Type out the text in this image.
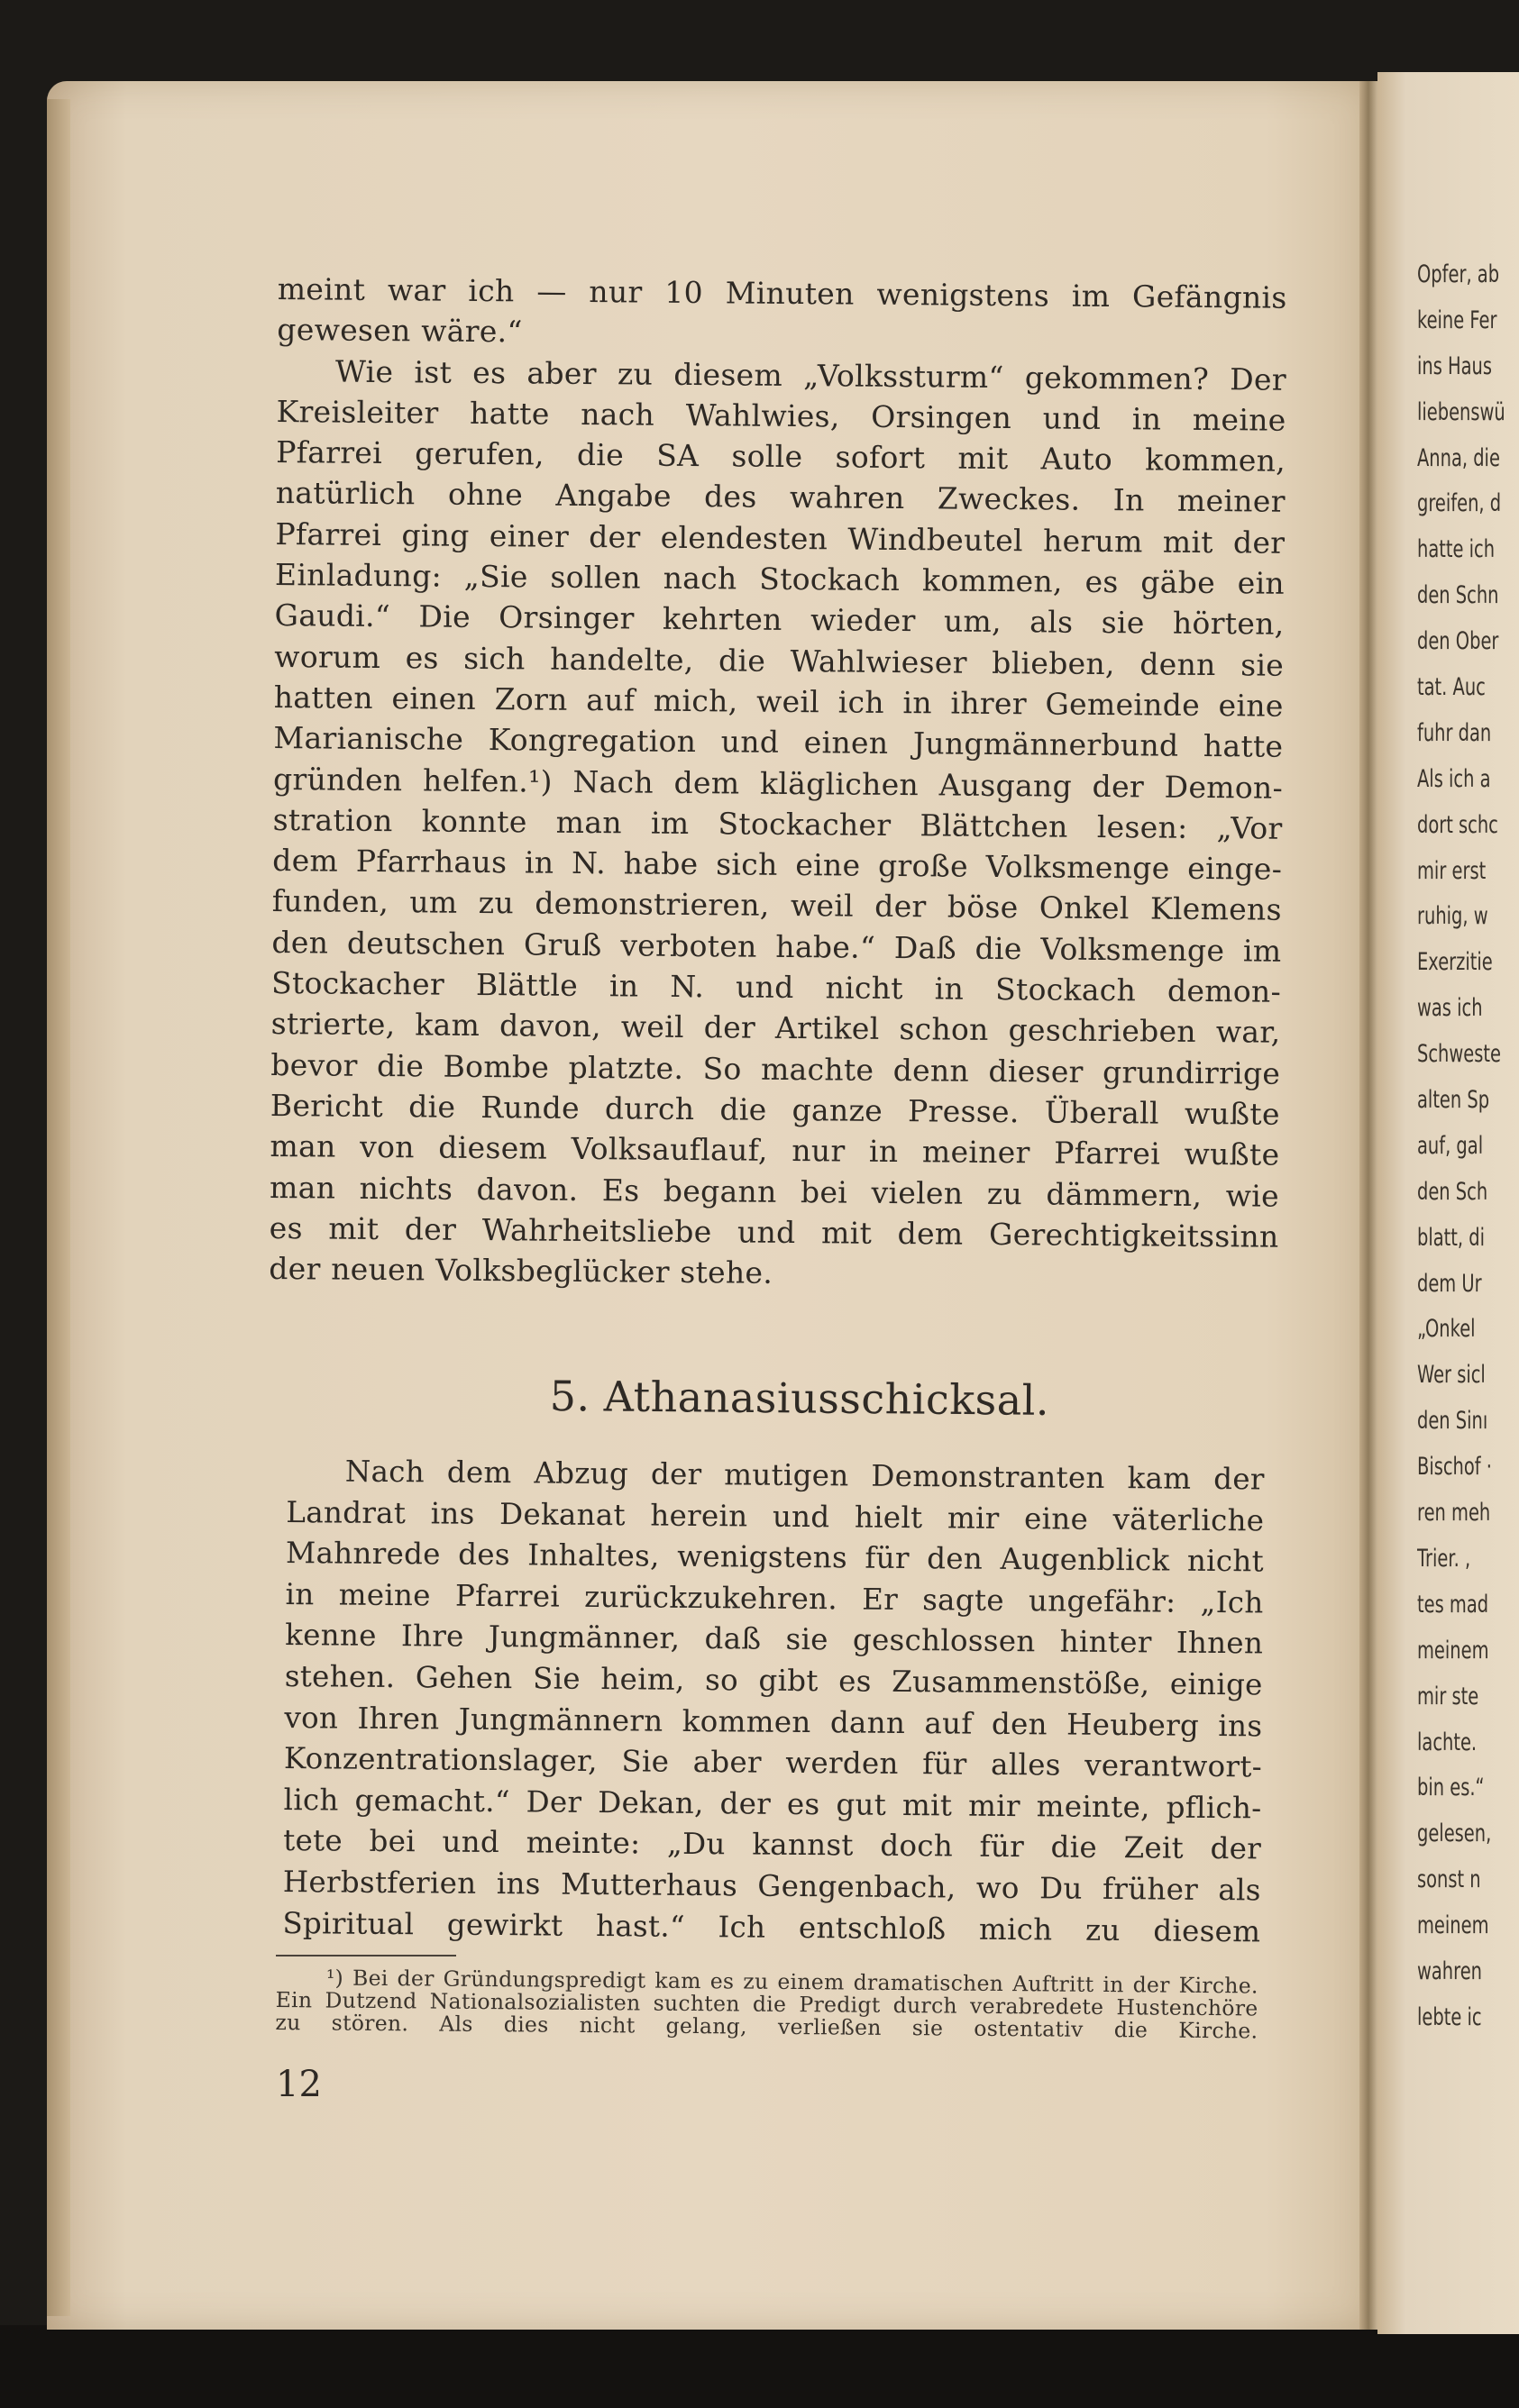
meint war ich — nur 10 Minuten wenigstens im Gefängnis
gewesen wäre.“
Wie ist es aber zu diesem „Volkssturm“ gekommen? Der
Kreisleiter hatte nach Wahlwies, Orsingen und in meine
Pfarrei gerufen, die SA solle sofort mit Auto kommen,
natürlich ohne Angabe des wahren Zweckes. In meiner
Pfarrei ging einer der elendesten Windbeutel herum mit der
Einladung: „Sie sollen nach Stockach kommen, es gäbe ein
Gaudi.“ Die Orsinger kehrten wieder um, als sie hörten,
worum es sich handelte, die Wahlwieser blieben, denn sie
hatten einen Zorn auf mich, weil ich in ihrer Gemeinde eine
Marianische Kongregation und einen Jungmännerbund hatte
gründen helfen.¹) Nach dem kläglichen Ausgang der Demon-
stration konnte man im Stockacher Blättchen lesen: „Vor
dem Pfarrhaus in N. habe sich eine große Volksmenge einge-
funden, um zu demonstrieren, weil der böse Onkel Klemens
den deutschen Gruß verboten habe.“ Daß die Volksmenge im
Stockacher Blättle in N. und nicht in Stockach demon-
strierte, kam davon, weil der Artikel schon geschrieben war,
bevor die Bombe platzte. So machte denn dieser grundirrige
Bericht die Runde durch die ganze Presse. Überall wußte
man von diesem Volksauflauf, nur in meiner Pfarrei wußte
man nichts davon. Es begann bei vielen zu dämmern, wie
es mit der Wahrheitsliebe und mit dem Gerechtigkeitssinn
der neuen Volksbeglücker stehe.
5. Athanasiusschicksal.
Nach dem Abzug der mutigen Demonstranten kam der
Landrat ins Dekanat herein und hielt mir eine väterliche
Mahnrede des Inhaltes, wenigstens für den Augenblick nicht
in meine Pfarrei zurückzukehren. Er sagte ungefähr: „Ich
kenne Ihre Jungmänner, daß sie geschlossen hinter Ihnen
stehen. Gehen Sie heim, so gibt es Zusammenstöße, einige
von Ihren Jungmännern kommen dann auf den Heuberg ins
Konzentrationslager, Sie aber werden für alles verantwort-
lich gemacht.“ Der Dekan, der es gut mit mir meinte, pflich-
tete bei und meinte: „Du kannst doch für die Zeit der
Herbstferien ins Mutterhaus Gengenbach, wo Du früher als
Spiritual gewirkt hast.“ Ich entschloß mich zu diesem
¹) Bei der Gründungspredigt kam es zu einem dramatischen Auftritt in der Kirche.
Ein Dutzend Nationalsozialisten suchten die Predigt durch verabredete Hustenchöre
zu stören. Als dies nicht gelang, verließen sie ostentativ die Kirche.
12
Opfer, ab
keine Fer
ins Haus
liebenswü
Anna, die
greifen, d
hatte ich
den Schn
den Ober
tat. Auc
fuhr dan
Als ich a
dort schc
mir erst
ruhig, w
Exerzitie
was ich
Schweste
alten Sp
auf, gal
den Sch
blatt, di
dem Ur
„Onkel
Wer sicl
den Sinı
Bischof ·
ren meh
Trier. ,
tes mad
meinem
mir ste
lachte.
bin es.“
gelesen,
sonst n
meinem
wahren
lebte ic
